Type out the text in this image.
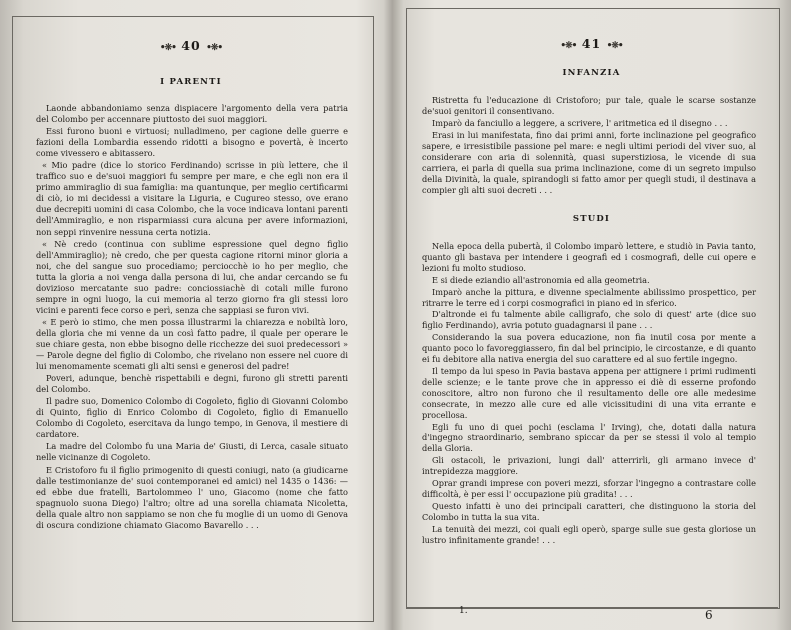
•❊• 40 •❊•
I PARENTI

Laonde abbandoniamo senza dispiacere l'argomento della vera patria del Colombo per accennare piuttosto dei suoi maggiori.

Essi furono buoni e virtuosi; nulladimeno, per cagione delle guerre e fazioni della Lombardia essendo ridotti a bisogno e povertà, è incerto come vivessero e abitassero.

« Mio padre (dice lo storico Ferdinando) scrisse in più lettere, che il traffico suo e de'suoi maggiori fu sempre per mare, e che egli non era il primo ammiraglio di sua famiglia: ma quantunque, per meglio certificarmi di ciò, io mi decidessi a visitare la Liguria, e Cugureo stesso, ove erano due decrepiti uomini di casa Colombo, che la voce indicava lontani parenti dell'Ammiraglio, e non risparmiassi cura alcuna per avere informazioni, non seppi rinvenire nessuna certa notizia.

« Nè credo (continua con sublime espressione quel degno figlio dell'Ammiraglio); nè credo, che per questa cagione ritorni minor gloria a noi, che del sangue suo procediamo; perciocchè io ho per meglio, che tutta la gloria a noi venga dalla persona di lui, che andar cercando se fu dovizioso mercatante suo padre: conciossiachè di cotali mille furono sempre in ogni luogo, la cui memoria al terzo giorno fra gli stessi loro vicini e parenti fece corso e perì, senza che sappiasi se furon vivi.

« E però io stimo, che men possa illustrarmi la chiarezza e nobiltà loro, della gloria che mi venne da un così fatto padre, il quale per operare le sue chiare gesta, non ebbe bisogno delle ricchezze dei suoi predecessori » — Parole degne del figlio di Colombo, che rivelano non essere nel cuore di lui menomamente scemati gli alti sensi e generosi del padre!

Poveri, adunque, benchè rispettabili e degni, furono gli stretti parenti del Colombo.

Il padre suo, Domenico Colombo di Cogoleto, figlio di Giovanni Colombo di Quinto, figlio di Enrico Colombo di Cogoleto, figlio di Emanuello Colombo di Cogoleto, esercitava da lungo tempo, in Genova, il mestiere di cardatore.

La madre del Colombo fu una Maria de' Giusti, di Lerca, casale situato nelle vicinanze di Cogoleto.

E Cristoforo fu il figlio primogenito di questi coniugi, nato (a giudicarne dalle testimonianze de' suoi contemporanei ed amici) nel 1435 o 1436: — ed ebbe due fratelli, Bartolommeo l' uno, Giacomo (nome che fatto spagnuolo suona Diego) l'altro; oltre ad una sorella chiamata Nicoletta, della quale altro non sappiamo se non che fu moglie di un uomo di Genova di oscura condizione chiamato Giacomo Bavarello . . .

•❊• 41 •❊•
INFANZIA

Ristretta fu l'educazione di Cristoforo; pur tale, quale le scarse sostanze de'suoi genitori il consentivano.

Imparò da fanciullo a leggere, a scrivere, l' aritmetica ed il disegno . . .

Erasi in lui manifestata, fino dai primi anni, forte inclinazione pel geografico sapere, e irresistibile passione pel mare: e negli ultimi periodi del viver suo, al considerare con aria di solennità, quasi superstiziosa, le vicende di sua carriera, ei parla di quella sua prima inclinazione, come di un segreto impulso della Divinità, la quale, spirandogli si fatto amor per quegli studi, il destinava a compier gli alti suoi decreti . . .

STUDI

Nella epoca della pubertà, il Colombo imparò lettere, e studiò in Pavia tanto, quanto gli bastava per intendere i geografi ed i cosmografi, delle cui opere e lezioni fu molto studioso.

E si diede eziandio all'astronomia ed alla geometria.

Imparò anche la pittura, e divenne specialmente abilissimo prospettico, per ritrarre le terre ed i corpi cosmografici in piano ed in sferico.

D'altronde ei fu talmente abile calligrafo, che solo di quest' arte (dice suo figlio Ferdinando), avria potuto guadagnarsi il pane . . .

Considerando la sua povera educazione, non fia inutil cosa por mente a quanto poco lo favoreggiassero, fin dal bel principio, le circostanze, e di quanto ei fu debitore alla nativa energia del suo carattere ed al suo fertile ingegno.

Il tempo da lui speso in Pavia bastava appena per attignere i primi rudimenti delle scienze; e le tante prove che in appresso ei diè di esserne profondo conoscitore, altro non furono che il resultamento delle ore alle medesime consecrate, in mezzo alle cure ed alle vicissitudini di una vita errante e procellosa.

Egli fu uno di quei pochi (esclama l' Irving), che, dotati dalla natura d'ingegno straordinario, sembrano spiccar da per se stessi il volo al tempio della Gloria.

Gli ostacoli, le privazioni, lungi dall' atterrirli, gli armano invece d' intrepidezza maggiore.

Oprar grandi imprese con poveri mezzi, sforzar l'ingegno a contrastare colle difficoltà, è per essi l' occupazione più gradita! . . .

Questo infatti è uno dei principali caratteri, che distinguono la storia del Colombo in tutta la sua vita.

La tenuità dei mezzi, coi quali egli operò, sparge sulle sue gesta gloriose un lustro infinitamente grande! . . .

1.	6
